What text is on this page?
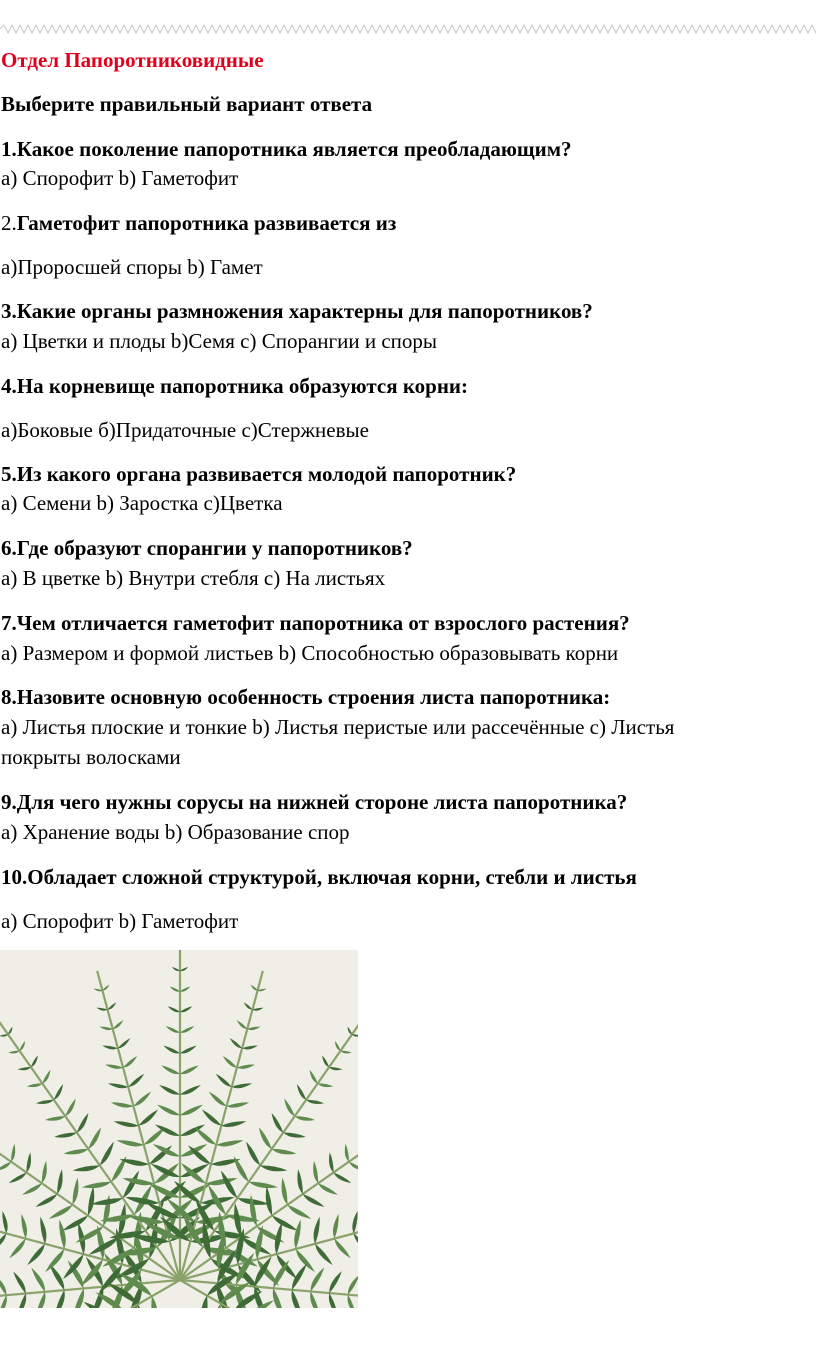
Отдел Папоротниковидные
Выберите правильный вариант ответа
1.Какое поколение папоротника является преобладающим?
а) Спорофит b) Гаметофит
2.Гаметофит папоротника развивается из
а)Проросшей споры b) Гамет
3.Какие органы размножения характерны для папоротников?
а) Цветки и плоды b)Семя c) Спорангии и споры
4.На корневище папоротника образуются корни:
а)Боковые б)Придаточные с)Стержневые
5.Из какого органа развивается молодой папоротник?
а) Семени b) Заростка c)Цветка
6.Где образуют спорангии у папоротников?
а) В цветке b) Внутри стебля c) На листьях
7.Чем отличается гаметофит папоротника от взрослого растения?
а) Размером и формой листьев b) Способностью образовывать корни
8.Назовите основную особенность строения листа папоротника:
а) Листья плоские и тонкие b) Листья перистые или рассечённые c) Листья
покрыты волосками
9.Для чего нужны сорусы на нижней стороне листа папоротника?
а) Хранение воды b) Образование спор
10.Обладает сложной структурой, включая корни, стебли и листья
а) Спорофит b) Гаметофит
